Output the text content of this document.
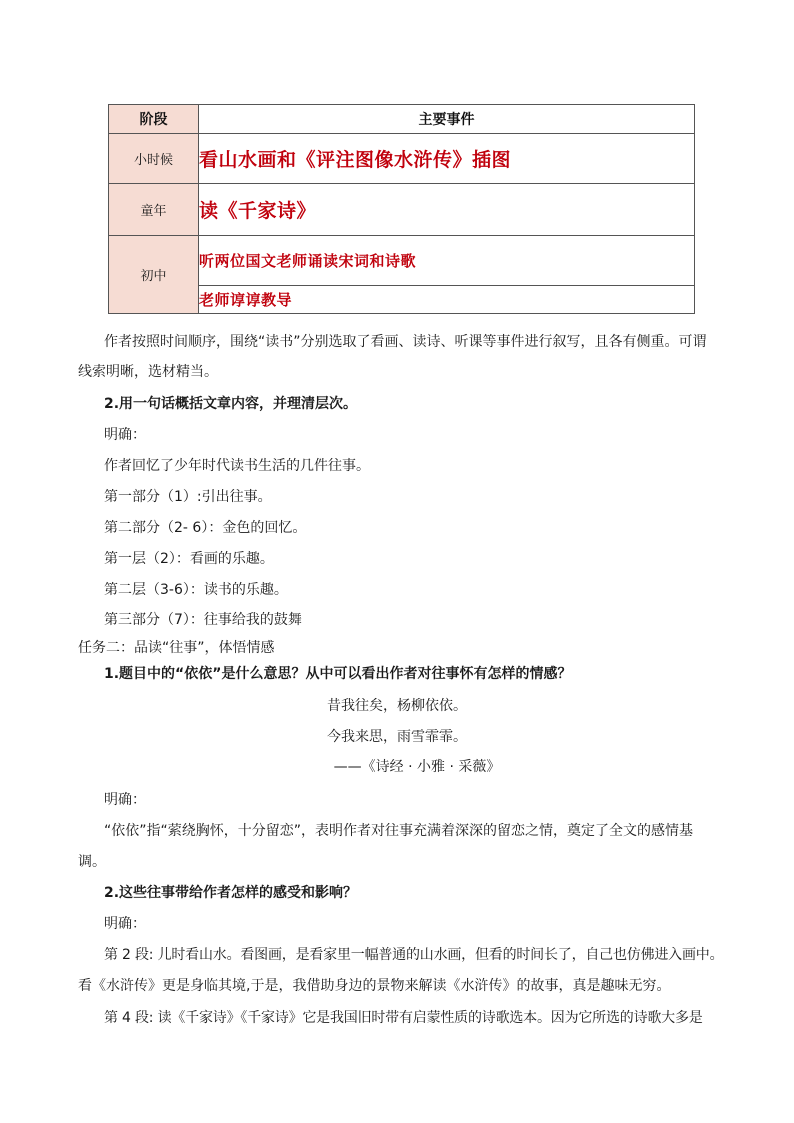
阶段	主要事件
小时候	看山水画和《评注图像水浒传》插图
童年	读《千家诗》
初中	听两位国文老师诵读宋词和诗歌
	老师谆谆教导

作者按照时间顺序，围绕“读书”分别选取了看画、读诗、听课等事件进行叙写，且各有侧重。可谓

线索明晰，选材精当。

2.用一句话概括文章内容，并理清层次。

明确：

作者回忆了少年时代读书生活的几件往事。

第一部分（1）:引出往事。

第二部分（2- 6）：金色的回忆。

第一层（2）：看画的乐趣。

第二层（3-6）：读书的乐趣。

第三部分（7）：往事给我的鼓舞

任务二：品读“往事”，体悟情感

1.题目中的“依依”是什么意思？从中可以看出作者对往事怀有怎样的情感？

昔我往矣，杨柳依依。

今我来思，雨雪霏霏。

——《诗经 · 小雅 · 采薇》

明确：

“依依”指“萦绕胸怀，十分留恋”，表明作者对往事充满着深深的留恋之情，奠定了全文的感情基

调。

2.这些往事带给作者怎样的感受和影响？

明确：

第 2 段: 儿时看山水。看图画，是看家里一幅普通的山水画，但看的时间长了，自己也仿佛进入画中。

看《水浒传》更是身临其境,于是，我借助身边的景物来解读《水浒传》的故事，真是趣味无穷。

第 4 段: 读《千家诗》《千家诗》它是我国旧时带有启蒙性质的诗歌选本。因为它所选的诗歌大多是
